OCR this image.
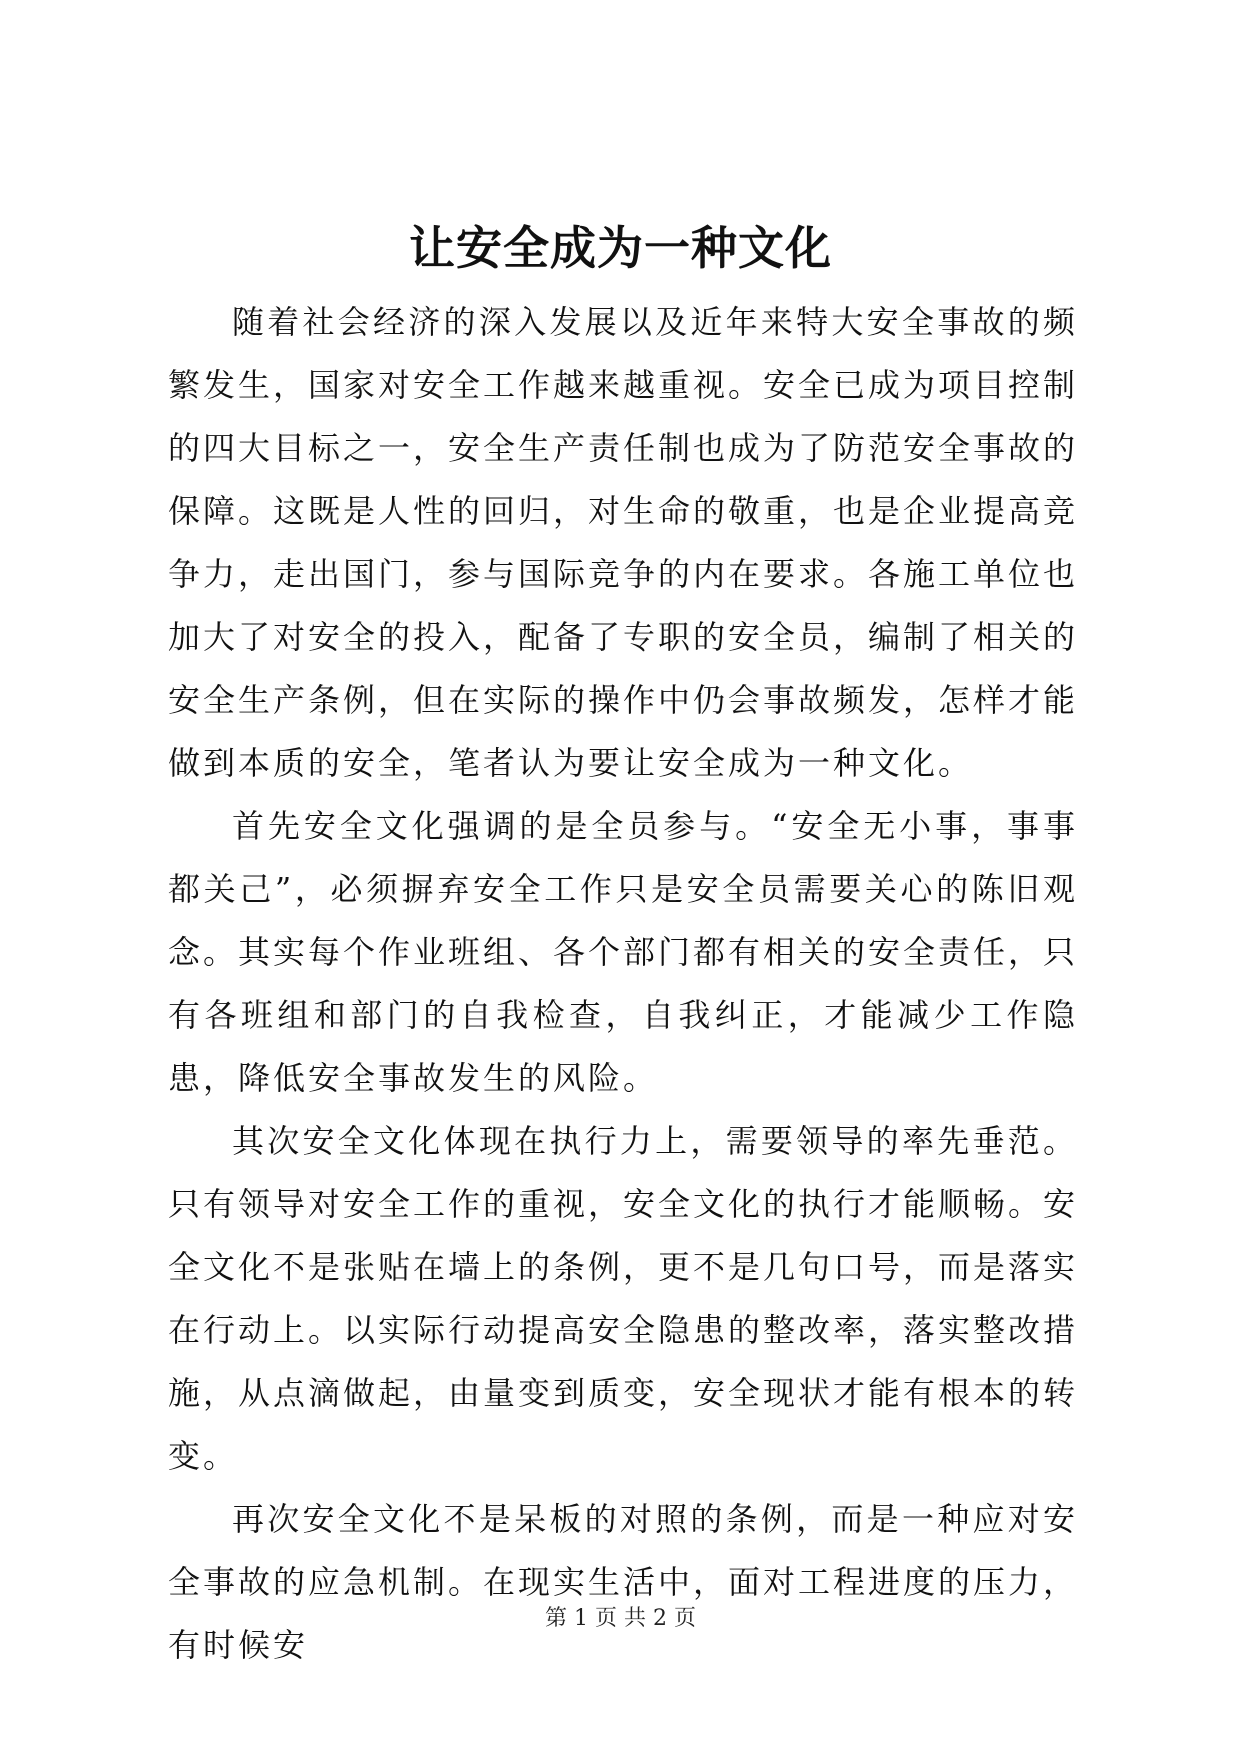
让安全成为一种文化

随着社会经济的深入发展以及近年来特大安全事故的频繁发生，国家对安全工作越来越重视。安全已成为项目控制的四大目标之一，安全生产责任制也成为了防范安全事故的保障。这既是人性的回归，对生命的敬重，也是企业提高竞争力，走出国门，参与国际竞争的内在要求。各施工单位也加大了对安全的投入，配备了专职的安全员，编制了相关的安全生产条例，但在实际的操作中仍会事故频发，怎样才能做到本质的安全，笔者认为要让安全成为一种文化。

首先安全文化强调的是全员参与。“安全无小事，事事都关己”，必须摒弃安全工作只是安全员需要关心的陈旧观念。其实每个作业班组、各个部门都有相关的安全责任，只有各班组和部门的自我检查，自我纠正，才能减少工作隐患，降低安全事故发生的风险。

其次安全文化体现在执行力上，需要领导的率先垂范。只有领导对安全工作的重视，安全文化的执行才能顺畅。安全文化不是张贴在墙上的条例，更不是几句口号，而是落实在行动上。以实际行动提高安全隐患的整改率，落实整改措施，从点滴做起，由量变到质变，安全现状才能有根本的转变。

再次安全文化不是呆板的对照的条例，而是一种应对安全事故的应急机制。在现实生活中，面对工程进度的压力，有时候安

第 1 页 共 2 页
